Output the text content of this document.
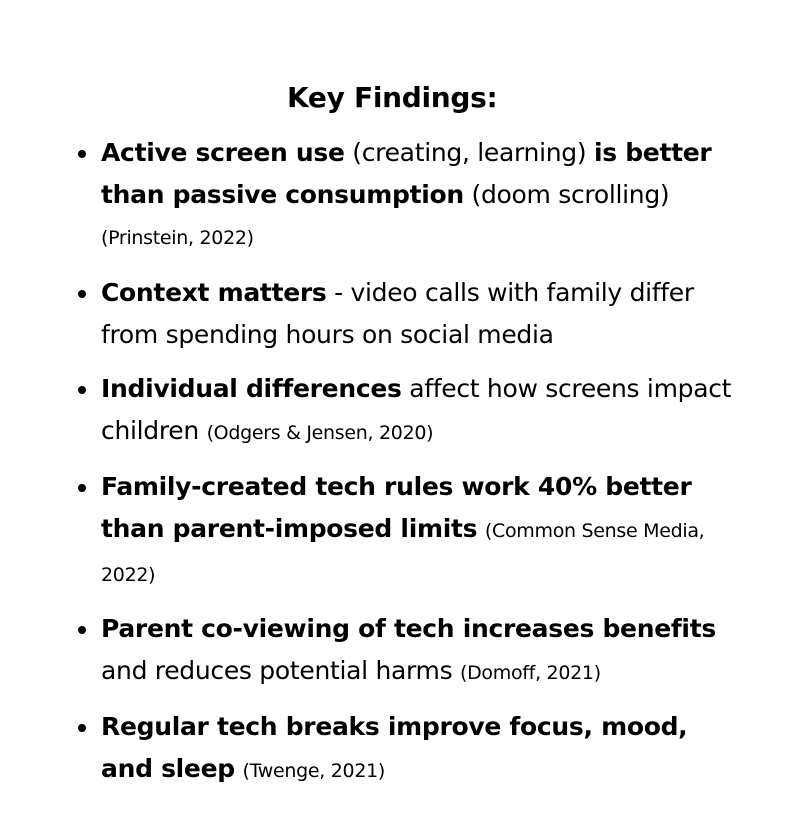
Key Findings:
Active screen use (creating, learning) is better than passive consumption (doom scrolling)
(Prinstein, 2022)
Context matters - video calls with family differ from spending hours on social media
Individual differences affect how screens impact children (Odgers & Jensen, 2020)
Family-created tech rules work 40% better than parent-imposed limits (Common Sense Media, 2022)
Parent co-viewing of tech increases benefits and reduces potential harms (Domoff, 2021)
Regular tech breaks improve focus, mood, and sleep (Twenge, 2021)
